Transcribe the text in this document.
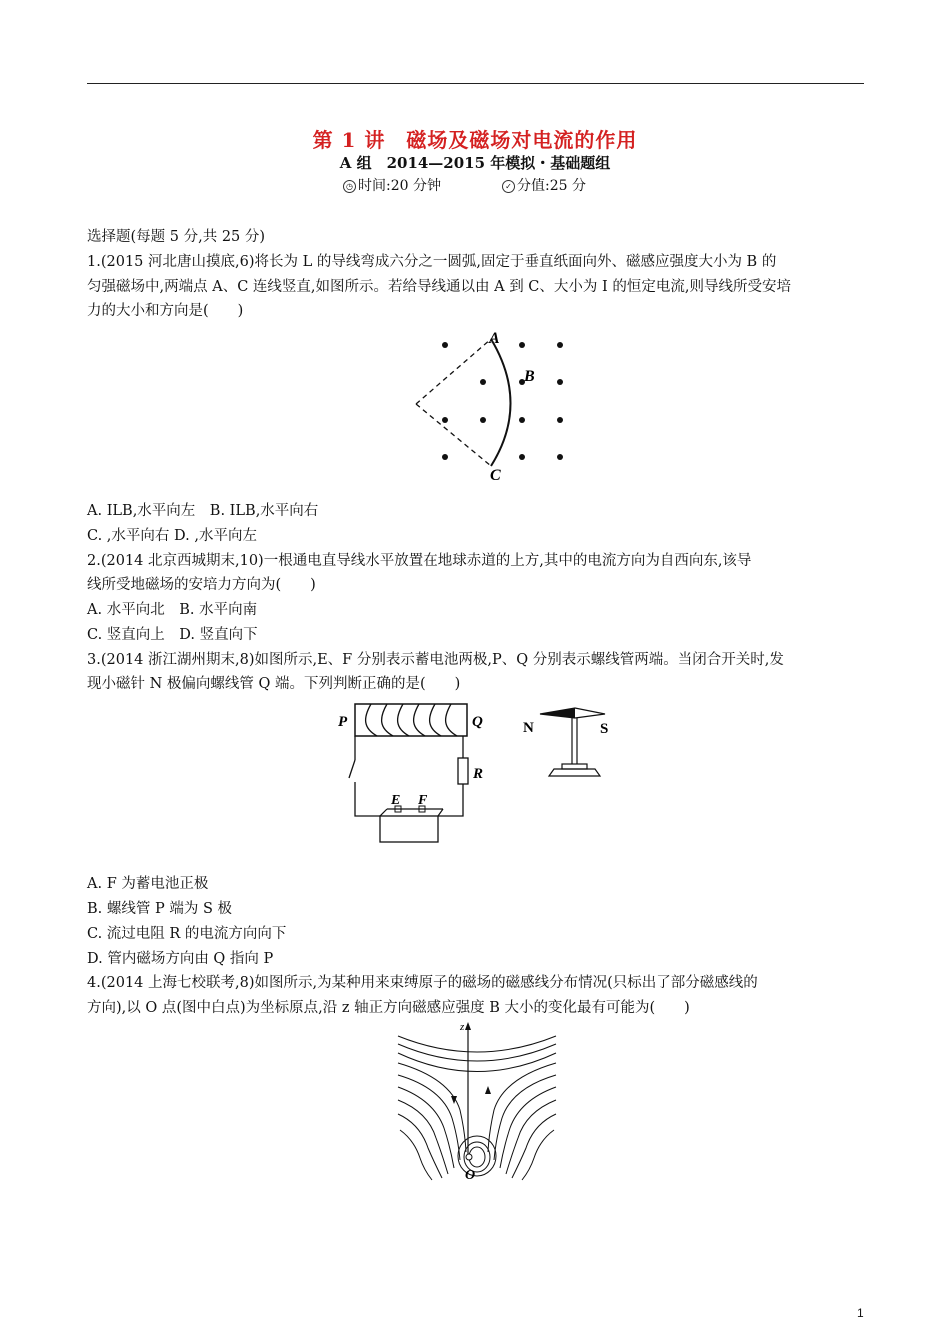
第 1 讲　磁场及磁场对电流的作用
A 组　2014—2015 年模拟・基础题组
◷ 时间:20 分钟	✓ 分值:25 分
选择题(每题 5 分,共 25 分)
1.(2015 河北唐山摸底,6)将长为 L 的导线弯成六分之一圆弧,固定于垂直纸面向外、磁感应强度大小为 B 的
匀强磁场中,两端点 A、C 连线竖直,如图所示。若给导线通以由 A 到 C、大小为 I 的恒定电流,则导线所受安培
力的大小和方向是(　　)
A
B
C
A. ILB,水平向左　B. ILB,水平向右
C. ,水平向右 D. ,水平向左
2.(2014 北京西城期末,10)一根通电直导线水平放置在地球赤道的上方,其中的电流方向为自西向东,该导
线所受地磁场的安培力方向为(　　)
A. 水平向北　B. 水平向南
C. 竖直向上　D. 竖直向下
3.(2014 浙江湖州期末,8)如图所示,E、F 分别表示蓄电池两极,P、Q 分别表示螺线管两端。当闭合开关时,发
现小磁针 N 极偏向螺线管 Q 端。下列判断正确的是(　　)
P	Q
R
E F
N	S
A. F 为蓄电池正极
B. 螺线管 P 端为 S 极
C. 流过电阻 R 的电流方向向下
D. 管内磁场方向由 Q 指向 P
4.(2014 上海七校联考,8)如图所示,为某种用来束缚原子的磁场的磁感线分布情况(只标出了部分磁感线的
方向),以 O 点(图中白点)为坐标原点,沿 z 轴正方向磁感应强度 B 大小的变化最有可能为(　　)
z
O
1
